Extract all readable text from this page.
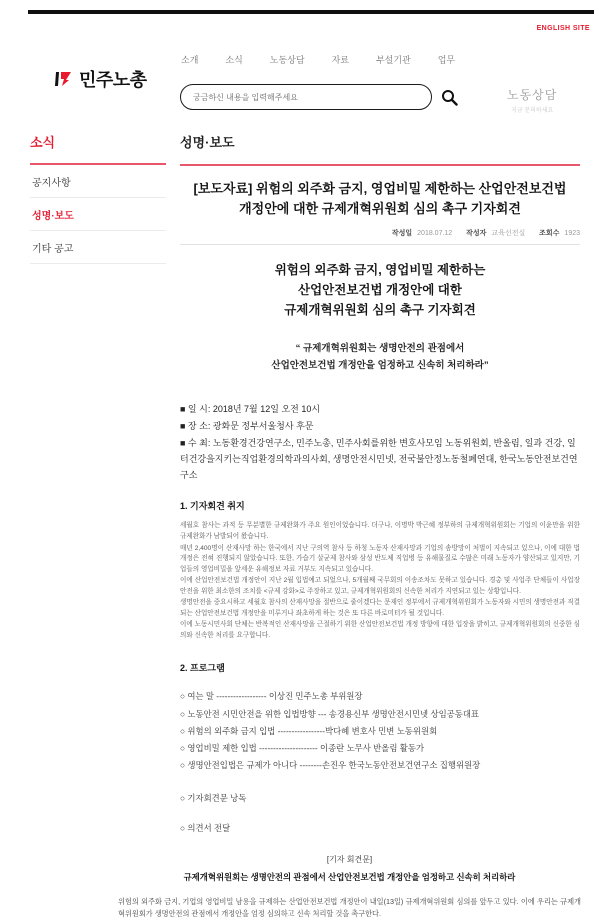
ENGLISH SITE
민주노총
소개	소식	노동상담	자료	부설기관	업무
궁금하신 내용을 입력해주세요
노동상담
지금 문의하세요
소식
공지사항
성명·보도
기타 공고
성명·보도
[보도자료] 위험의 외주화 금지, 영업비밀 제한하는 산업안전보건법 개정안에 대한 규제개혁위원회 심의 촉구 기자회견
작성일 2018.07.12 작성자 교육선전실 조회수 1923
위험의 외주화 금지, 영업비밀 제한하는
산업안전보건법 개정안에 대한
규제개혁위원회 심의 촉구 기자회견
“ 규제개혁위원회는 생명안전의 관점에서
산업안전보건법 개정안을 엄정하고 신속히 처리하라”
■ 일 시: 2018년 7월 12일 오전 10시
■ 장 소: 광화문 정부서울청사 후문
■ 수 최: 노동환경건강연구소, 민주노총, 민주사회를위한 변호사모임 노동위원회, 반올림, 일과 건강, 일터건강을지키는직업환경의학과의사회, 생명안전시민넷, 전국불안정노동철폐연대, 한국노동안전보건연구소
1. 기자회견 취지

세월호 참사는 과적 등 무분별한 규제완화가 주요 원인이었습니다. 더구나, 이명박 박근혜 정부하의 규제개혁위원회는 기업의 이윤만을 위한 규제완화가 남발되어 왔습니다.

매년 2,400명이 산재사망 하는 한국에서 지난 구의역 참사 등 하청 노동자 산재사망과 기업의 솜방망이 처벌이 지속되고 있으나, 이에 대한 법 개정은 전혀 진행되지 않았습니다. 또한, 가습기 살균제 참사와 삼성 반도체 직업병 등 유해물질로 수많은 미래 노동자가 양산되고 있지만, 기업들의 영업비밀을 앞세운 유해정보 자료 거부도 지속되고 있습니다.

이에 산업안전보건법 개정안이 지난 2월 입법예고 되었으나, 5개월째 국무회의 이송조차도 못하고 있습니다. 경총 및 사업주 단체들이 사업장 안전을 위한 최소한의 조치를 <규제 강화>로 주장하고 있고, 규제개혁위원회의 신속한 처리가 지연되고 있는 상황입니다.

생명안전을 중요시하고 세월호 참사의 산재사망을 절반으로 줄이겠다는 문재인 정부에서 규제개혁위원회가 노동자와 시민의 생명안전과 직결되는 산업안전보건법 개정안을 미루거나 좌초하게 하는 것은 또 다른 바로미터가 될 것입니다.

이에 노동시민사회 단체는 반복적인 산재사망을 근절하기 위한 산업안전보건법 개정 방향에 대한 입장을 밝히고, 규제개혁위원회의 신중한 심의와 신속한 처리를 요구합니다.

2. 프로그램
○ 여는 말 ------------------ 이상진 민주노총 부위원장
○ 노동안전 시민안전을 위한 입법방향 --- 송경용신부 생명안전시민넷 상임공동대표
○ 위험의 외주화 금지 입법 -----------------박다혜 변호사 민변 노동위원회
○ 영업비밀 제한 입법 --------------------- 이종란 노무사 반올림 활동가
○ 생명안전입법은 규제가 아니다 --------손진우 한국노동안전보건연구소 집행위원장
○ 기자회견문 낭독
○ 의견서 전달
[기자 회견문]
규제개혁위원회는 생명안전의 관점에서 산업안전보건법 개정안을 엄정하고 신속히 처리하라
위험의 외주화 금지, 기업의 영업비밀 남용을 규제하는 산업안전보건법 개정안이 내일(13일) 규제개혁위원회 심의를 앞두고 있다. 이에 우리는 규제개혁위원회가 생명안전의 관점에서 개정안을 엄정 심의하고 신속 처리할 것을 촉구한다.
